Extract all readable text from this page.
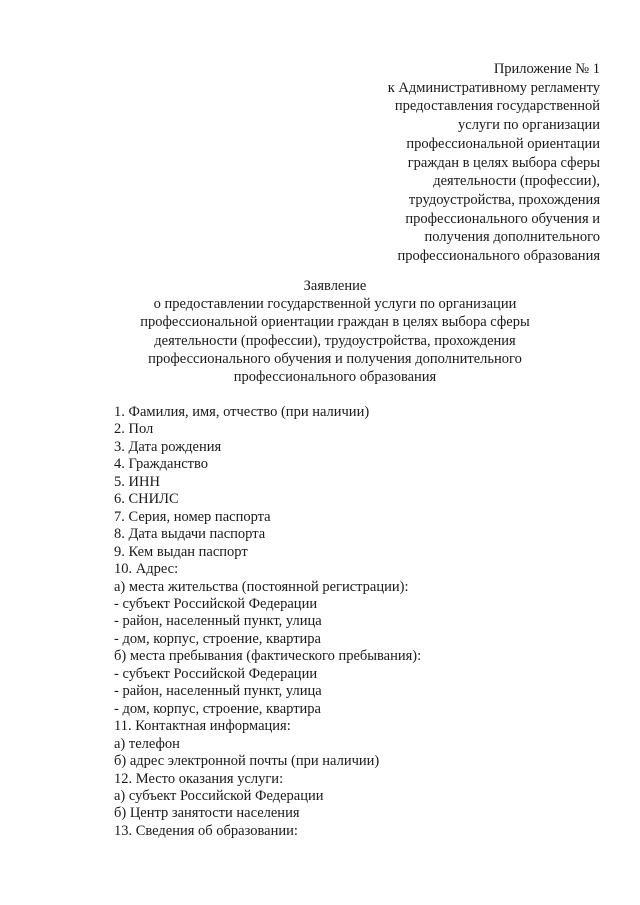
Приложение № 1
к Административному регламенту
предоставления государственной
услуги по организации
профессиональной ориентации
граждан в целях выбора сферы
деятельности (профессии),
трудоустройства, прохождения
профессионального обучения и
получения дополнительного
профессионального образования
Заявление
о предоставлении государственной услуги по организации
профессиональной ориентации граждан в целях выбора сферы
деятельности (профессии), трудоустройства, прохождения
профессионального обучения и получения дополнительного
профессионального образования
1. Фамилия, имя, отчество (при наличии)
2. Пол
3. Дата рождения
4. Гражданство
5. ИНН
6. СНИЛС
7. Серия, номер паспорта
8. Дата выдачи паспорта
9. Кем выдан паспорт
10. Адрес:
а) места жительства (постоянной регистрации):
- субъект Российской Федерации
- район, населенный пункт, улица
- дом, корпус, строение, квартира
б) места пребывания (фактического пребывания):
- субъект Российской Федерации
- район, населенный пункт, улица
- дом, корпус, строение, квартира
11. Контактная информация:
а) телефон
б) адрес электронной почты (при наличии)
12. Место оказания услуги:
а) субъект Российской Федерации
б) Центр занятости населения
13. Сведения об образовании:
